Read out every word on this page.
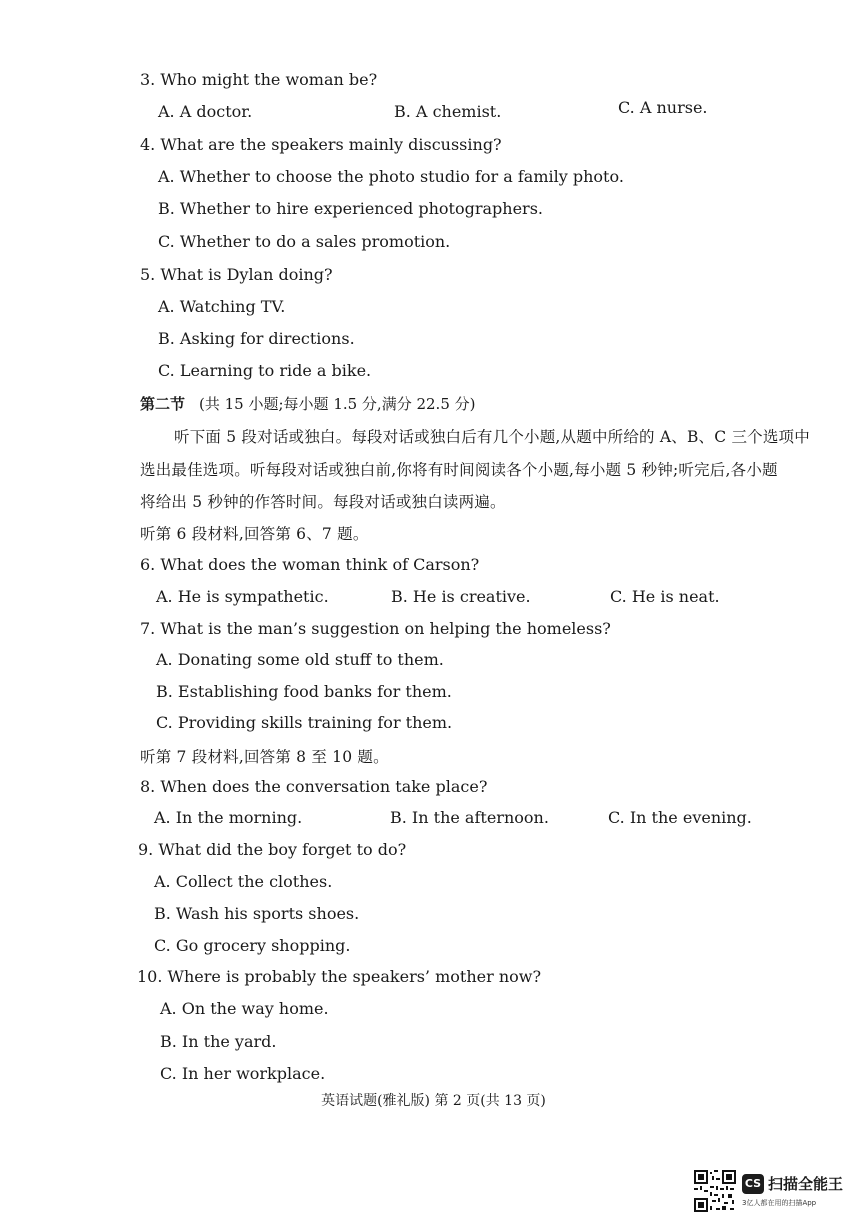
3. Who might the woman be?
A. A doctor.	B. A chemist.	C. A nurse.
4. What are the speakers mainly discussing?
A. Whether to choose the photo studio for a family photo.
B. Whether to hire experienced photographers.
C. Whether to do a sales promotion.
5. What is Dylan doing?
A. Watching TV.
B. Asking for directions.
C. Learning to ride a bike.
第二节 (共 15 小题;每小题 1.5 分,满分 22.5 分)
听下面 5 段对话或独白。每段对话或独白后有几个小题,从题中所给的 A、B、C 三个选项中
选出最佳选项。听每段对话或独白前,你将有时间阅读各个小题,每小题 5 秒钟;听完后,各小题
将给出 5 秒钟的作答时间。每段对话或独白读两遍。
听第 6 段材料,回答第 6、7 题。
6. What does the woman think of Carson?
A. He is sympathetic.	B. He is creative.	C. He is neat.
7. What is the man’s suggestion on helping the homeless?
A. Donating some old stuff to them.
B. Establishing food banks for them.
C. Providing skills training for them.
听第 7 段材料,回答第 8 至 10 题。
8. When does the conversation take place?
A. In the morning.	B. In the afternoon.	C. In the evening.
9. What did the boy forget to do?
A. Collect the clothes.
B. Wash his sports shoes.
C. Go grocery shopping.
10. Where is probably the speakers’ mother now?
A. On the way home.
B. In the yard.
C. In her workplace.
英语试题(雅礼版) 第 2 页(共 13 页)
CS 扫描全能王
3亿人都在用的扫描App
